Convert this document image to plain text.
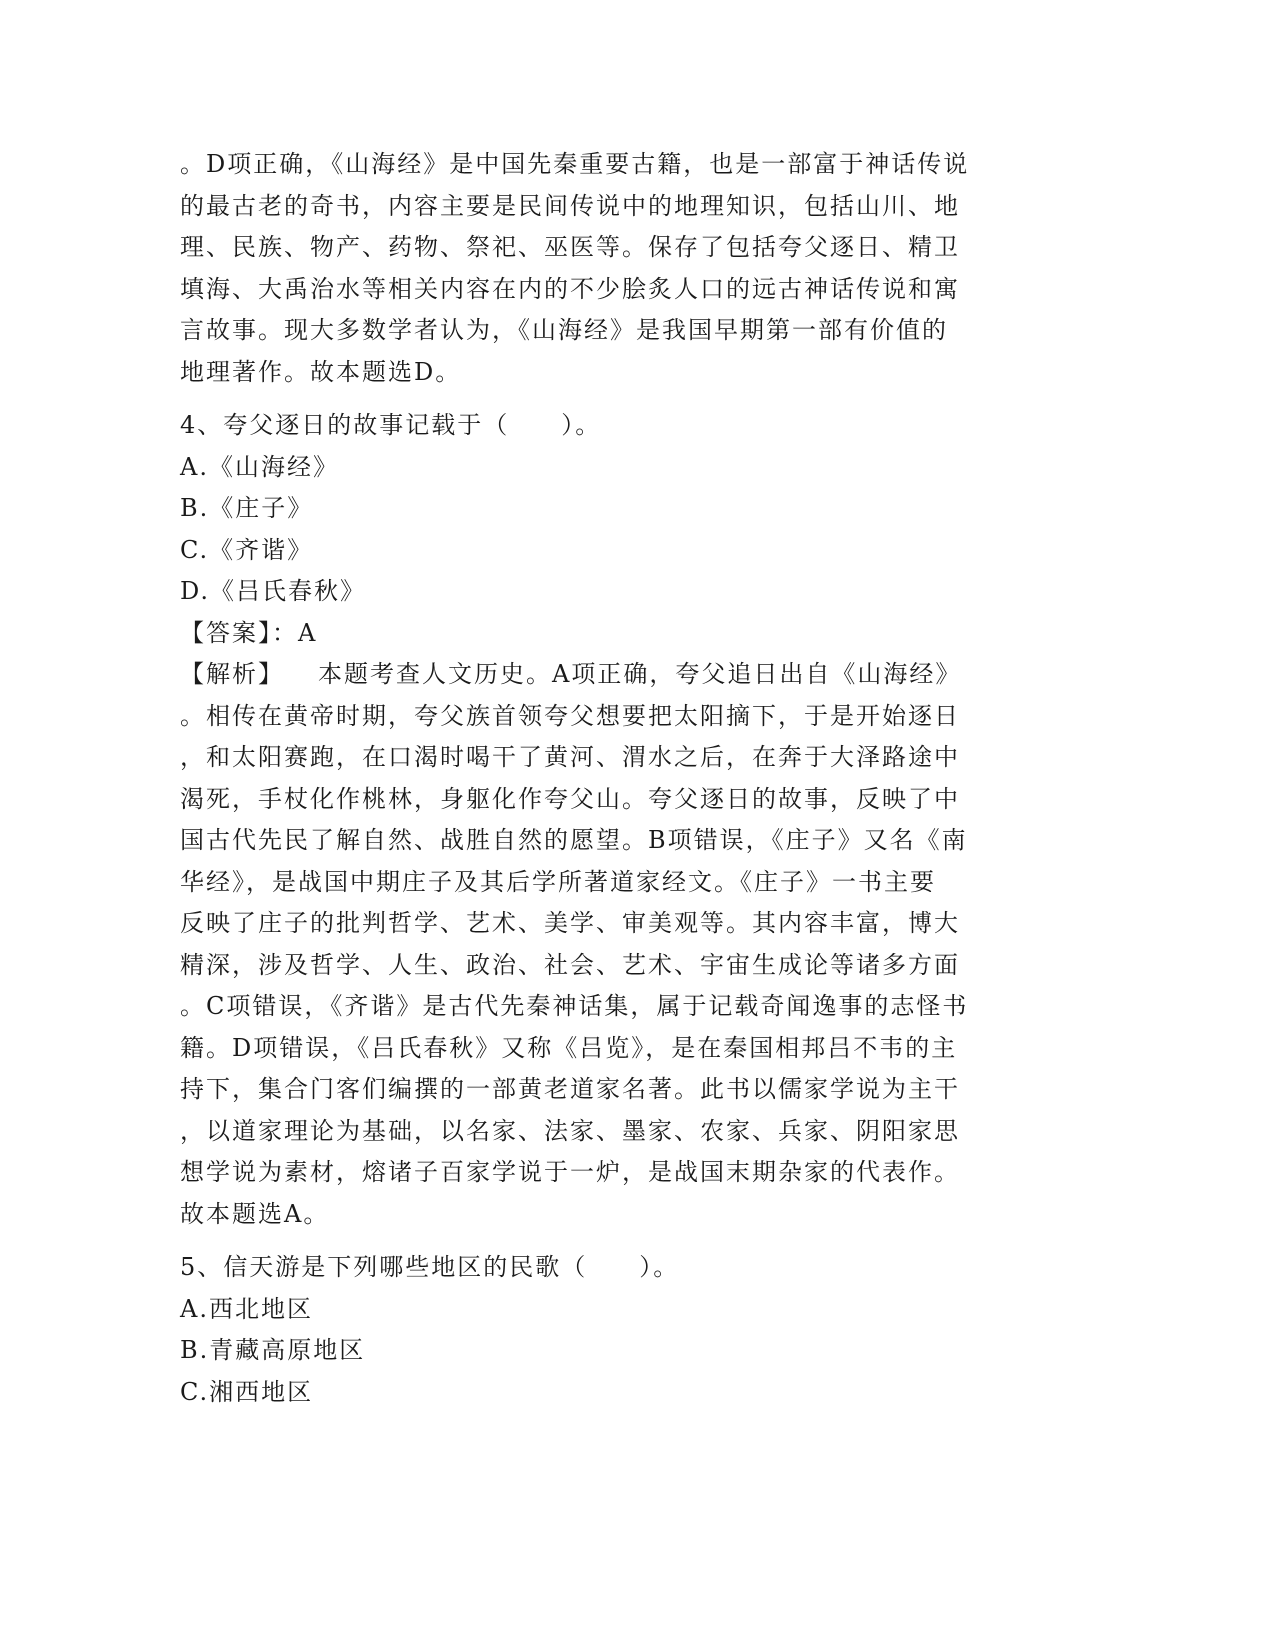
。D项正确，《山海经》是中国先秦重要古籍，也是一部富于神话传说

的最古老的奇书，内容主要是民间传说中的地理知识，包括山川、地

理、民族、物产、药物、祭祀、巫医等。保存了包括夸父逐日、精卫

填海、大禹治水等相关内容在内的不少脍炙人口的远古神话传说和寓

言故事。现大多数学者认为，《山海经》是我国早期第一部有价值的

地理著作。故本题选D。

4、夸父逐日的故事记载于（　　）。

A.《山海经》

B.《庄子》

C.《齐谐》

D.《吕氏春秋》

【答案】：A

【解析】 本题考查人文历史。A项正确，夸父追日出自《山海经》

。相传在黄帝时期，夸父族首领夸父想要把太阳摘下，于是开始逐日

，和太阳赛跑，在口渴时喝干了黄河、渭水之后，在奔于大泽路途中

渴死，手杖化作桃林，身躯化作夸父山。夸父逐日的故事，反映了中

国古代先民了解自然、战胜自然的愿望。B项错误，《庄子》又名《南

华经》，是战国中期庄子及其后学所著道家经文。《庄子》一书主要

反映了庄子的批判哲学、艺术、美学、审美观等。其内容丰富，博大

精深，涉及哲学、人生、政治、社会、艺术、宇宙生成论等诸多方面

。C项错误，《齐谐》是古代先秦神话集，属于记载奇闻逸事的志怪书

籍。D项错误，《吕氏春秋》又称《吕览》，是在秦国相邦吕不韦的主

持下，集合门客们编撰的一部黄老道家名著。此书以儒家学说为主干

，以道家理论为基础，以名家、法家、墨家、农家、兵家、阴阳家思

想学说为素材，熔诸子百家学说于一炉，是战国末期杂家的代表作。

故本题选A。

5、信天游是下列哪些地区的民歌（　　）。

A.西北地区

B.青藏高原地区

C.湘西地区
